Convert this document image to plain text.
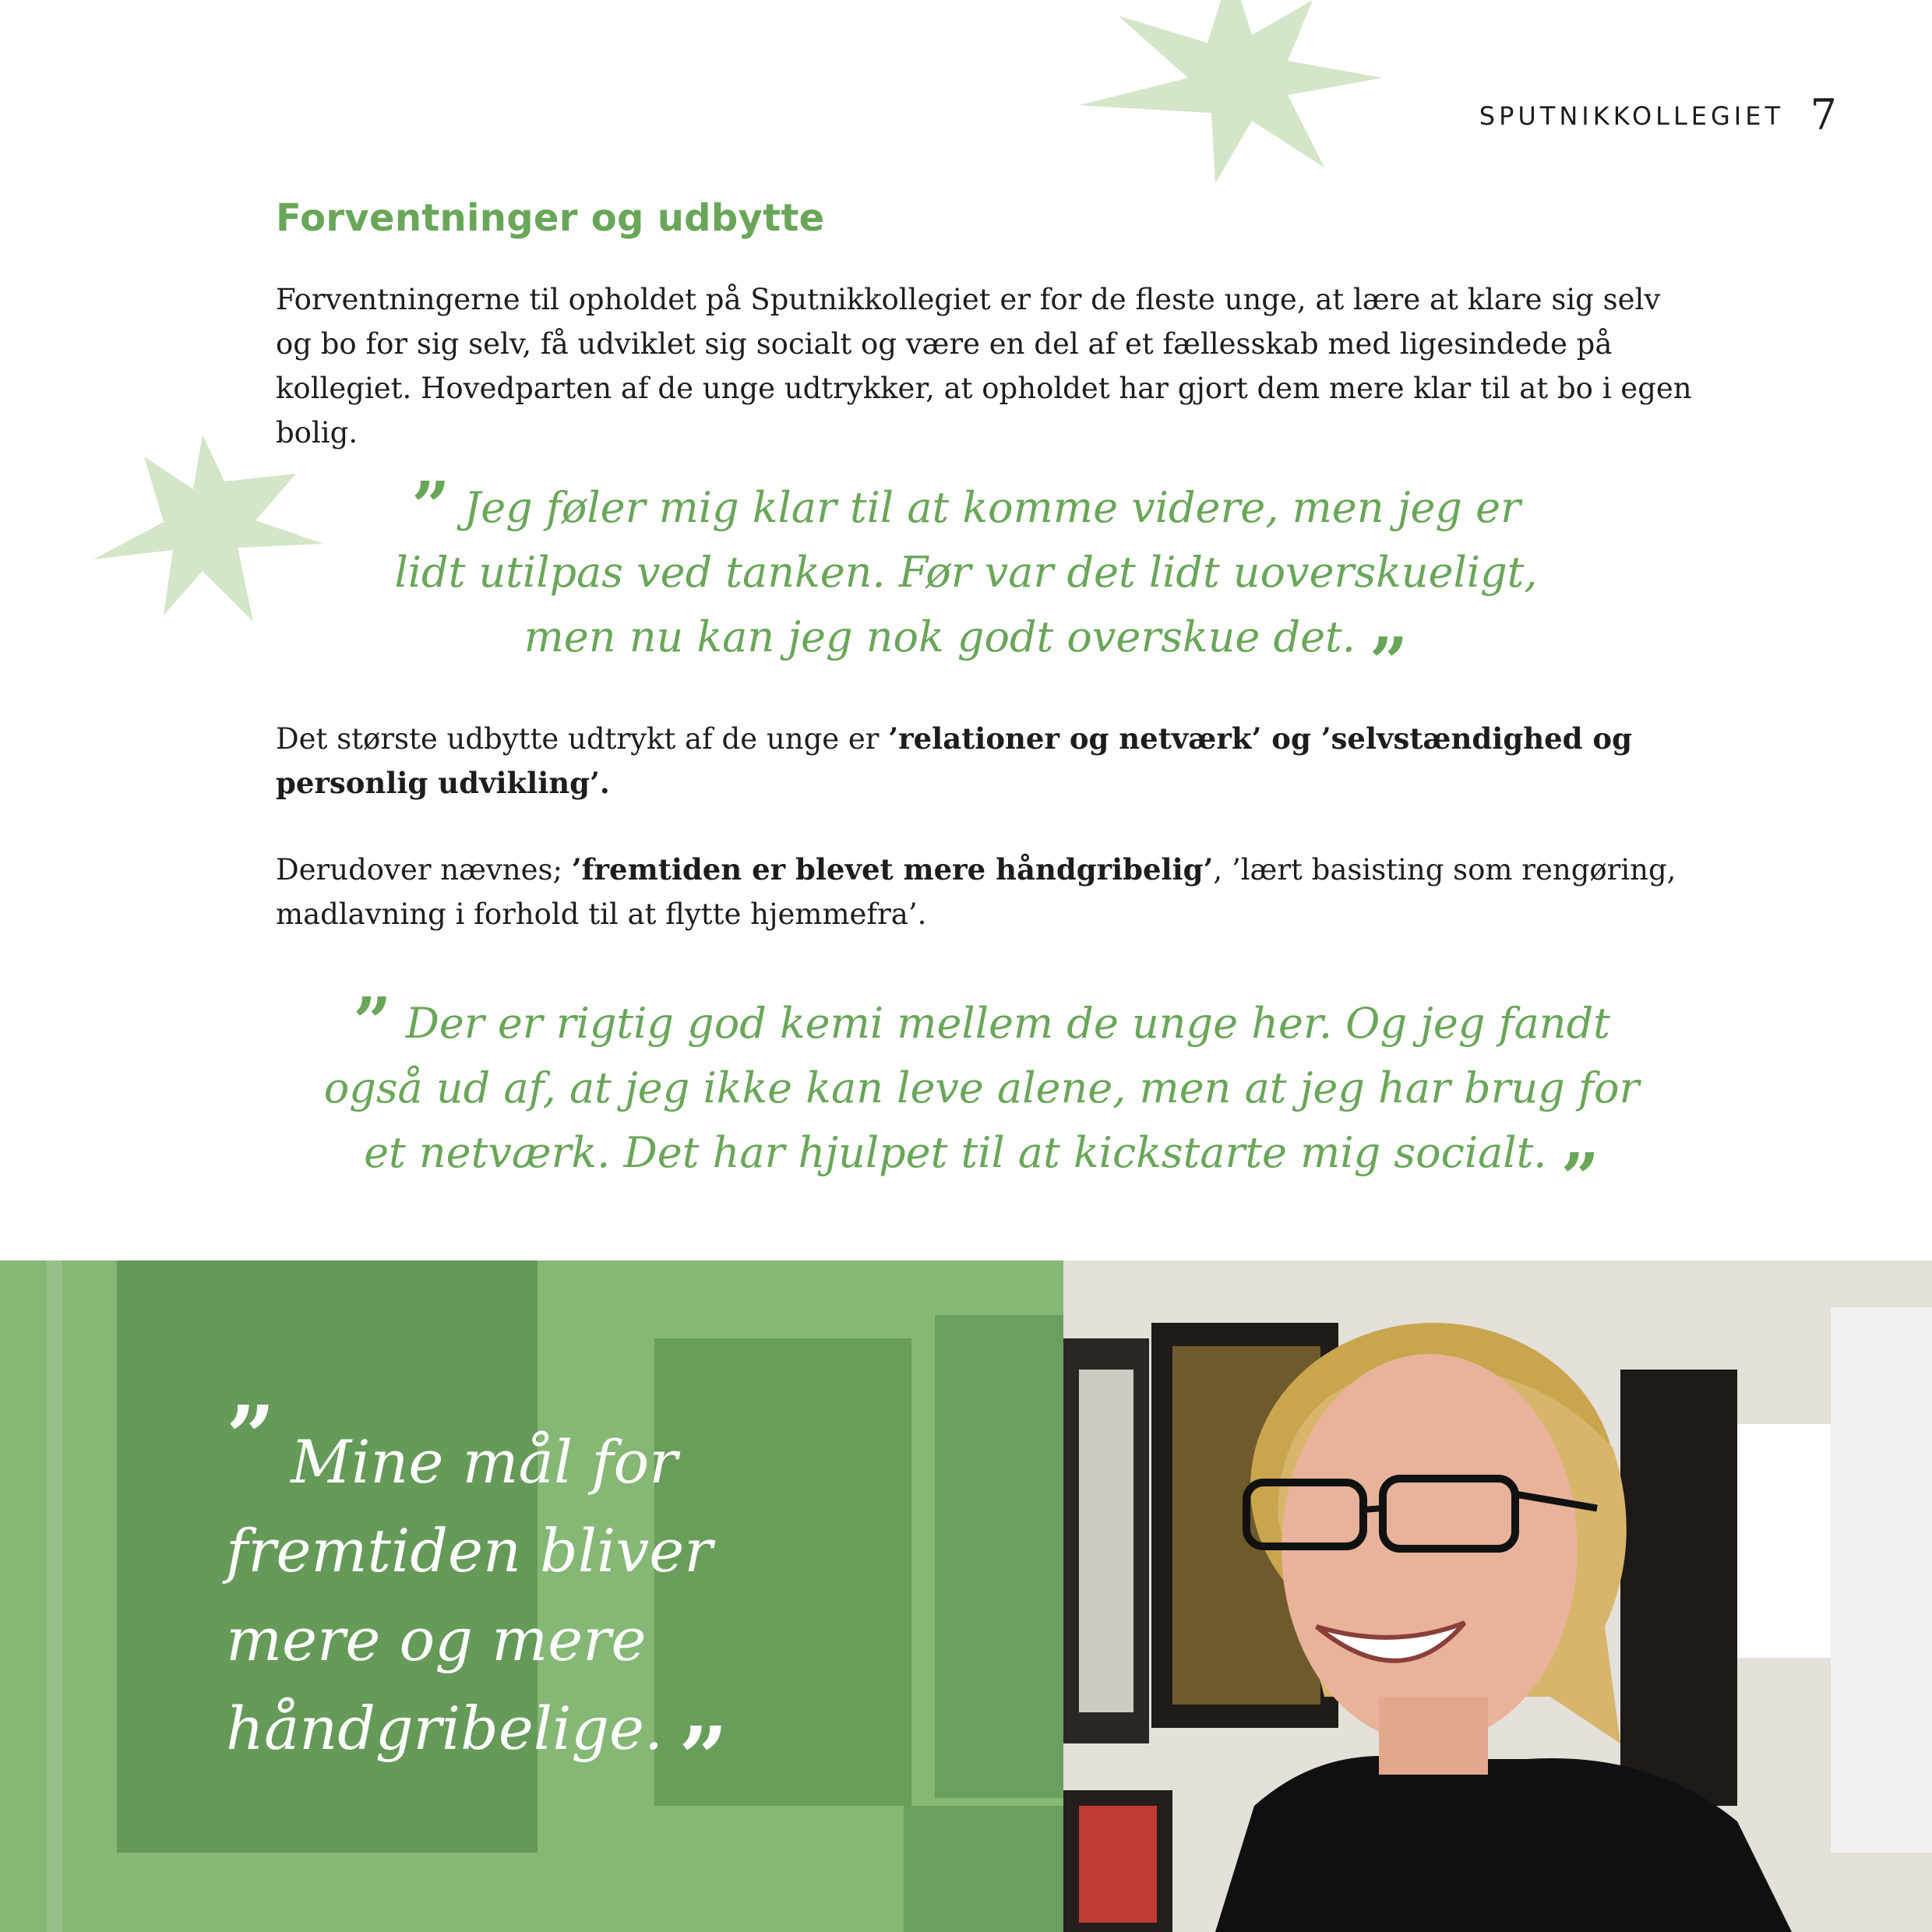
SPUTNIKKOLLEGIET 7
Forventninger og udbytte

Forventningerne til opholdet på Sputnikkollegiet er for de fleste unge, at lære at klare sig selv og bo for sig selv, få udviklet sig socialt og være en del af et fællesskab med ligesindede på kollegiet. Hovedparten af de unge udtrykker, at opholdet har gjort dem mere klar til at bo i egen bolig.

” Jeg føler mig klar til at komme videre, men jeg er lidt utilpas ved tanken. Før var det lidt uoverskueligt, men nu kan jeg nok godt overskue det. ”

Det største udbytte udtrykt af de unge er ’relationer og netværk’ og ’selvstændighed og personlig udvikling’.

Derudover nævnes; ’fremtiden er blevet mere håndgribelig’, ’lært basisting som rengøring, madlavning i forhold til at flytte hjemmefra’.

” Der er rigtig god kemi mellem de unge her. Og jeg fandt også ud af, at jeg ikke kan leve alene, men at jeg har brug for et netværk. Det har hjulpet til at kickstarte mig socialt. ”

” Mine mål for fremtiden bliver mere og mere håndgribelige. ”
